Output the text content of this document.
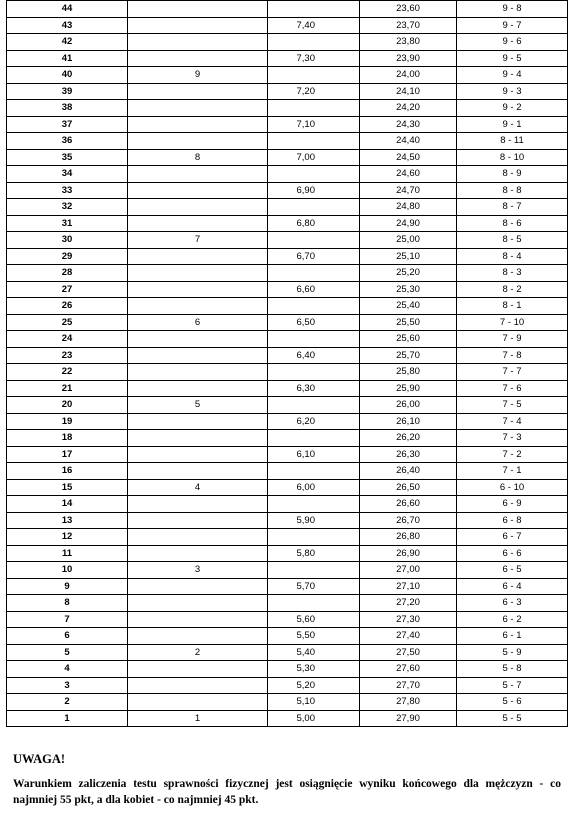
44			23,60	9 - 8
43		7,40	23,70	9 - 7
42			23,80	9 - 6
41		7,30	23,90	9 - 5
40	9		24,00	9 - 4
39		7,20	24,10	9 - 3
38			24,20	9 - 2
37		7,10	24,30	9 - 1
36			24,40	8 - 11
35	8	7,00	24,50	8 - 10
34			24,60	8 - 9
33		6,90	24,70	8 - 8
32			24,80	8 - 7
31		6,80	24,90	8 - 6
30	7		25,00	8 - 5
29		6,70	25,10	8 - 4
28			25,20	8 - 3
27		6,60	25,30	8 - 2
26			25,40	8 - 1
25	6	6,50	25,50	7 - 10
24			25,60	7 - 9
23		6,40	25,70	7 - 8
22			25,80	7 - 7
21		6,30	25,90	7 - 6
20	5		26,00	7 - 5
19		6,20	26,10	7 - 4
18			26,20	7 - 3
17		6,10	26,30	7 - 2
16			26,40	7 - 1
15	4	6,00	26,50	6 - 10
14			26,60	6 - 9
13		5,90	26,70	6 - 8
12			26,80	6 - 7
11		5,80	26,90	6 - 6
10	3		27,00	6 - 5
9		5,70	27,10	6 - 4
8			27,20	6 - 3
7		5,60	27,30	6 - 2
6		5,50	27,40	6 - 1
5	2	5,40	27,50	5 - 9
4		5,30	27,60	5 - 8
3		5,20	27,70	5 - 7
2		5,10	27,80	5 - 6
1	1	5,00	27,90	5 - 5
UWAGA!
Warunkiem zaliczenia testu sprawności fizycznej jest osiągnięcie wyniku końcowego dla mężczyzn - co najmniej 55 pkt, a dla kobiet - co najmniej 45 pkt.
